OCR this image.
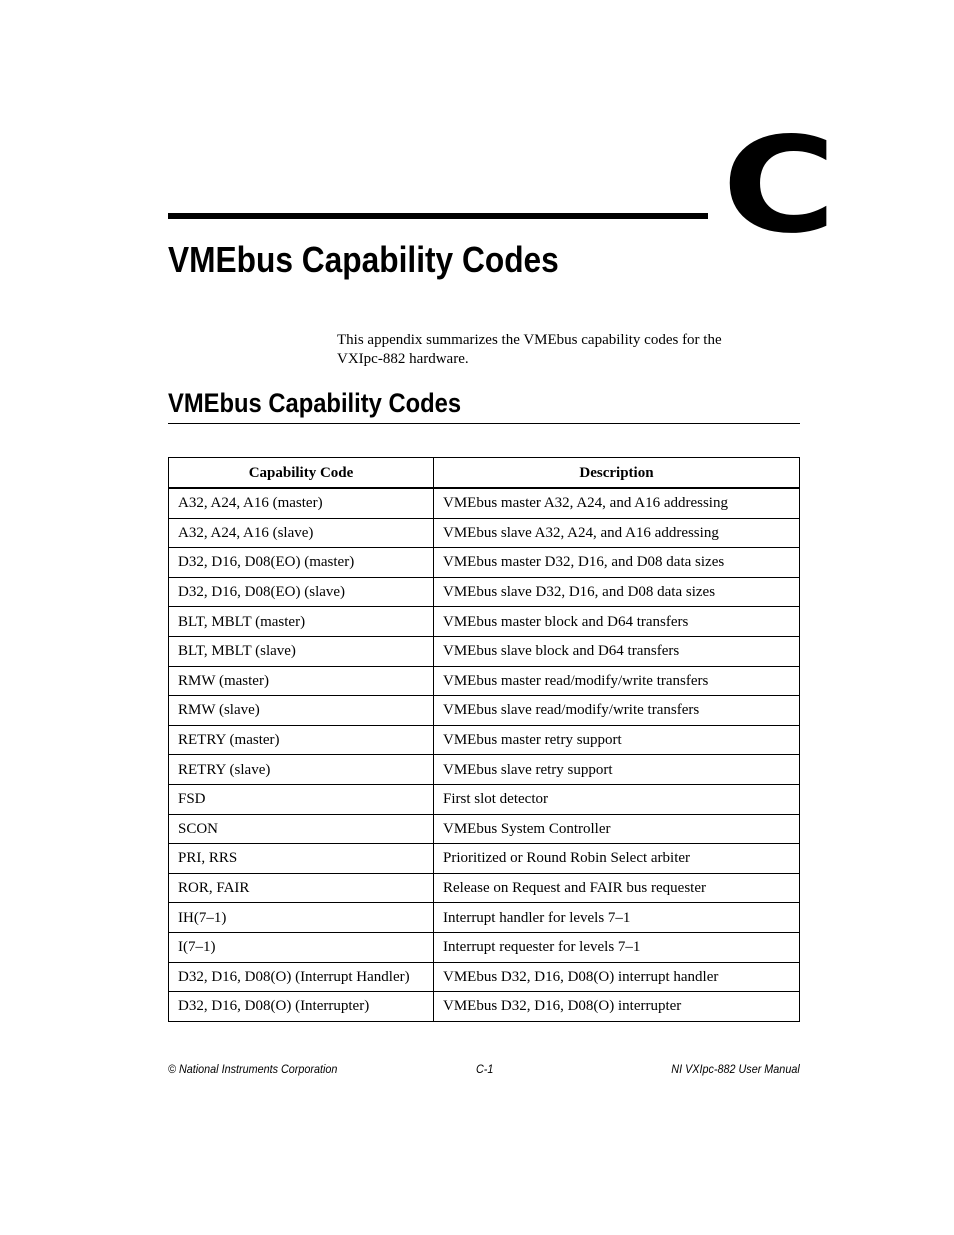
C
VMEbus Capability Codes
This appendix summarizes the VMEbus capability codes for the VXIpc-882 hardware.
VMEbus Capability Codes
Capability Code	Description
A32, A24, A16 (master)	VMEbus master A32, A24, and A16 addressing
A32, A24, A16 (slave)	VMEbus slave A32, A24, and A16 addressing
D32, D16, D08(EO) (master)	VMEbus master D32, D16, and D08 data sizes
D32, D16, D08(EO) (slave)	VMEbus slave D32, D16, and D08 data sizes
BLT, MBLT (master)	VMEbus master block and D64 transfers
BLT, MBLT (slave)	VMEbus slave block and D64 transfers
RMW (master)	VMEbus master read/modify/write transfers
RMW (slave)	VMEbus slave read/modify/write transfers
RETRY (master)	VMEbus master retry support
RETRY (slave)	VMEbus slave retry support
FSD	First slot detector
SCON	VMEbus System Controller
PRI, RRS	Prioritized or Round Robin Select arbiter
ROR, FAIR	Release on Request and FAIR bus requester
IH(7–1)	Interrupt handler for levels 7–1
I(7–1)	Interrupt requester for levels 7–1
D32, D16, D08(O) (Interrupt Handler)	VMEbus D32, D16, D08(O) interrupt handler
D32, D16, D08(O) (Interrupter)	VMEbus D32, D16, D08(O) interrupter
© National Instruments Corporation	C-1	NI VXIpc-882 User Manual
